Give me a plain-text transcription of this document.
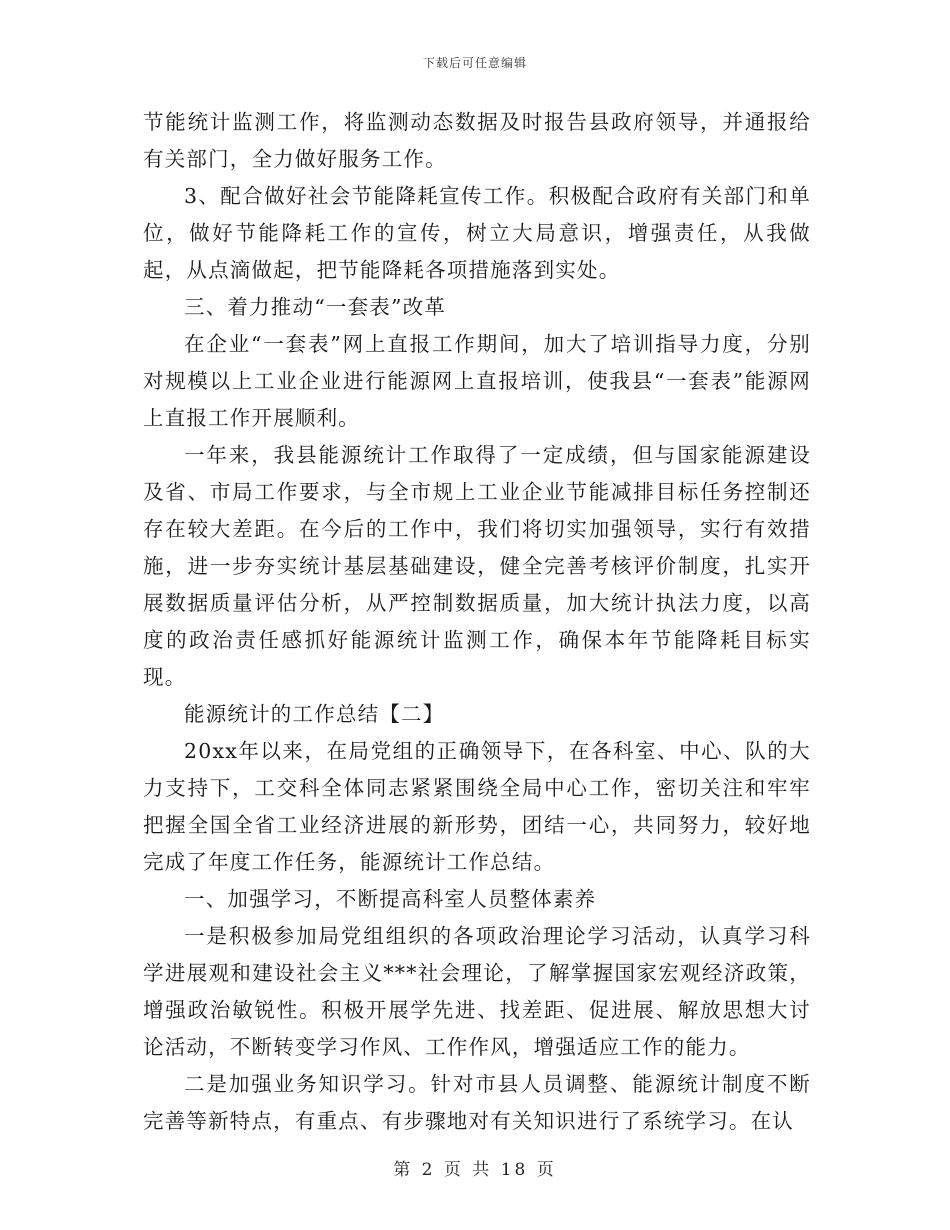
下载后可任意编辑

节能统计监测工作，将监测动态数据及时报告县政府领导，并通报给有关部门，全力做好服务工作。

3、配合做好社会节能降耗宣传工作。积极配合政府有关部门和单位，做好节能降耗工作的宣传，树立大局意识，增强责任，从我做起，从点滴做起，把节能降耗各项措施落到实处。

三、着力推动“一套表”改革

在企业“一套表”网上直报工作期间，加大了培训指导力度，分别对规模以上工业企业进行能源网上直报培训，使我县“一套表”能源网上直报工作开展顺利。

一年来，我县能源统计工作取得了一定成绩，但与国家能源建设及省、市局工作要求，与全市规上工业企业节能减排目标任务控制还存在较大差距。在今后的工作中，我们将切实加强领导，实行有效措施，进一步夯实统计基层基础建设，健全完善考核评价制度，扎实开展数据质量评估分析，从严控制数据质量，加大统计执法力度，以高度的政治责任感抓好能源统计监测工作，确保本年节能降耗目标实现。

能源统计的工作总结【二】

20xx年以来，在局党组的正确领导下，在各科室、中心、队的大力支持下，工交科全体同志紧紧围绕全局中心工作，密切关注和牢牢把握全国全省工业经济进展的新形势，团结一心，共同努力，较好地完成了年度工作任务，能源统计工作总结。

一、加强学习，不断提高科室人员整体素养

一是积极参加局党组组织的各项政治理论学习活动，认真学习科学进展观和建设社会主义***社会理论，了解掌握国家宏观经济政策，增强政治敏锐性。积极开展学先进、找差距、促进展、解放思想大讨论活动，不断转变学习作风、工作作风，增强适应工作的能力。

二是加强业务知识学习。针对市县人员调整、能源统计制度不断完善等新特点，有重点、有步骤地对有关知识进行了系统学习。在认

第 2 页 共 18 页
